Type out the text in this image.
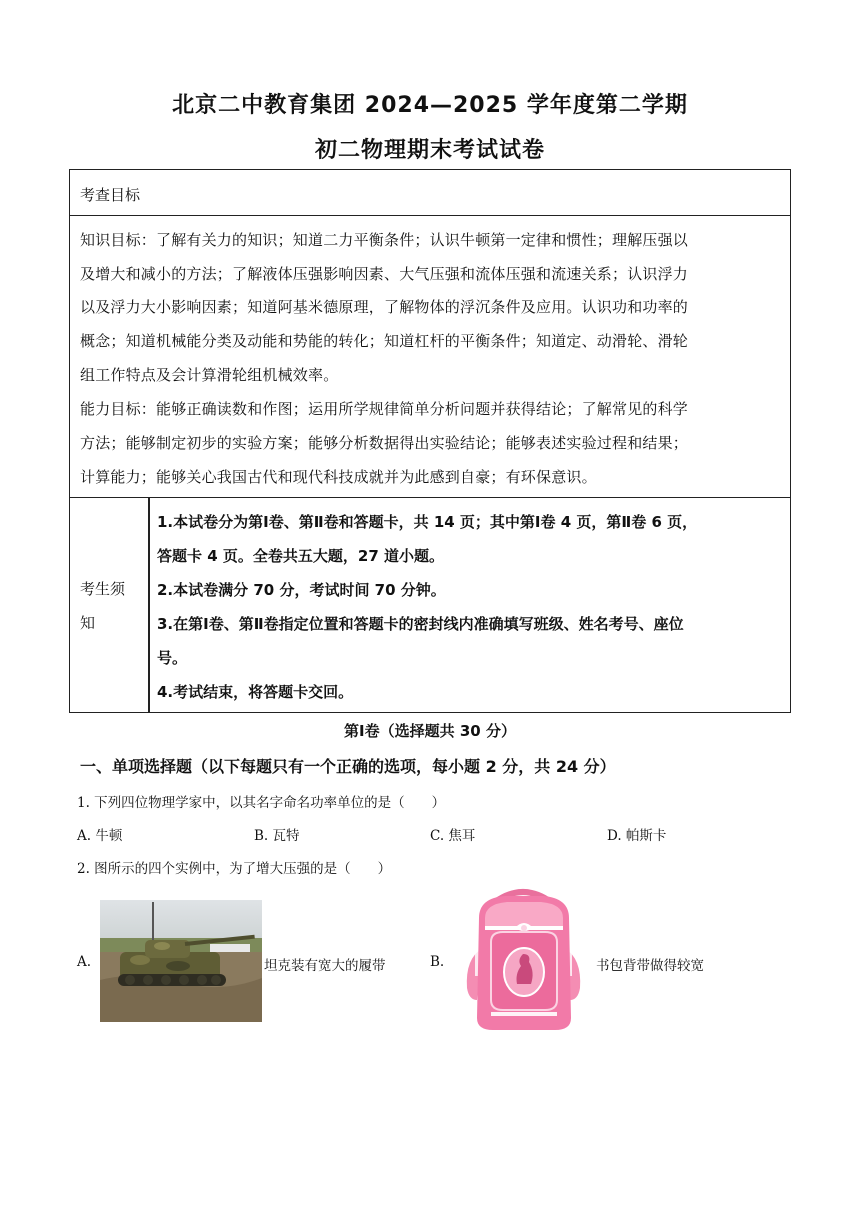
北京二中教育集团 2024—2025 学年度第二学期
初二物理期末考试试卷
考查目标
知识目标：了解有关力的知识；知道二力平衡条件；认识牛顿第一定律和惯性；理解压强以
及增大和减小的方法；了解液体压强影响因素、大气压强和流体压强和流速关系；认识浮力
以及浮力大小影响因素；知道阿基米德原理，了解物体的浮沉条件及应用。认识功和功率的
概念；知道机械能分类及动能和势能的转化；知道杠杆的平衡条件；知道定、动滑轮、滑轮
组工作特点及会计算滑轮组机械效率。
能力目标：能够正确读数和作图；运用所学规律简单分析问题并获得结论；了解常见的科学
方法；能够制定初步的实验方案；能够分析数据得出实验结论；能够表述实验过程和结果；
计算能力；能够关心我国古代和现代科技成就并为此感到自豪；有环保意识。
考生须
知
1.本试卷分为第Ⅰ卷、第Ⅱ卷和答题卡，共 14 页；其中第Ⅰ卷 4 页，第Ⅱ卷 6 页，
答题卡 4 页。全卷共五大题，27 道小题。
2.本试卷满分 70 分，考试时间 70 分钟。
3.在第Ⅰ卷、第Ⅱ卷指定位置和答题卡的密封线内准确填写班级、姓名考号、座位
号。
4.考试结束，将答题卡交回。
第Ⅰ卷（选择题共 30 分）
一、单项选择题（以下每题只有一个正确的选项，每小题 2 分，共 24 分）
1. 下列四位物理学家中，以其名字命名功率单位的是（　　）
A. 牛顿	B. 瓦特	C. 焦耳	D. 帕斯卡
2. 图所示的四个实例中，为了增大压强的是（　　）
A.	坦克装有宽大的履带	B.	书包背带做得较宽
